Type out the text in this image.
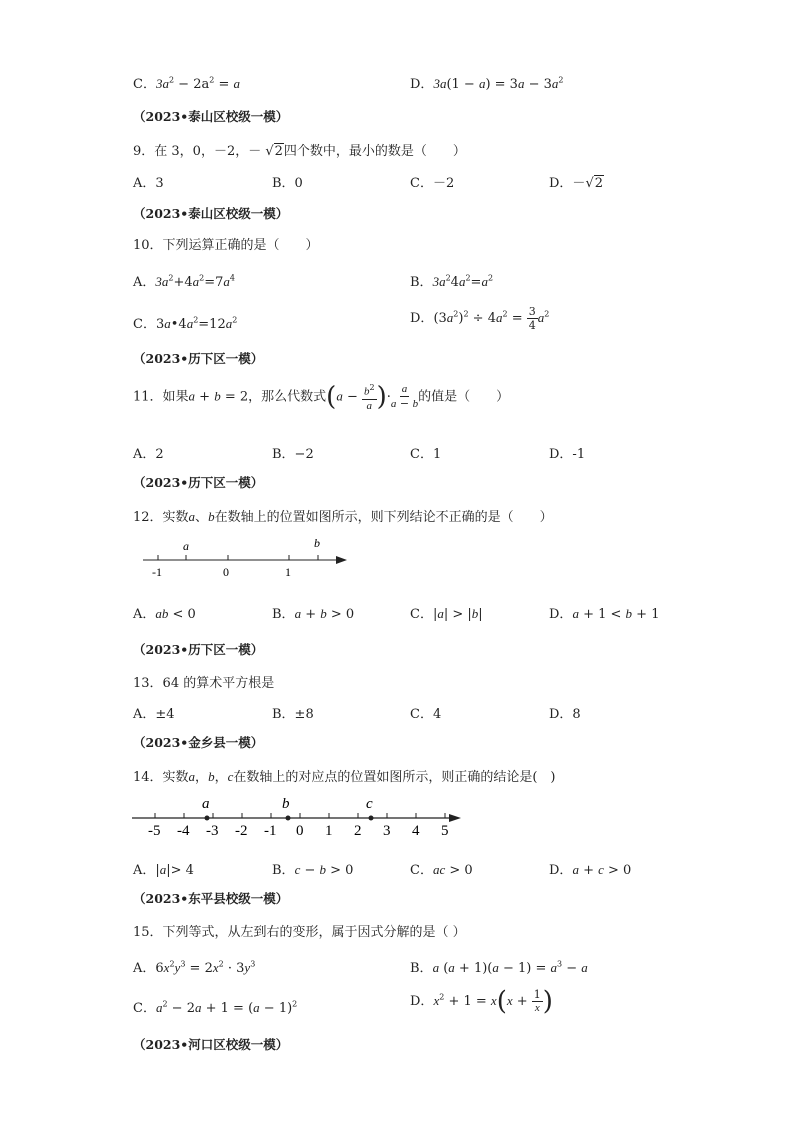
C．$3a^2 - 2a^2 = a$	D．$3a(1 - a) = 3a - 3a^2$
（2023•泰山区校级一模）
9．在 3，0，－2，－ √2四个数中，最小的数是（　　）
A．3	B．0	C．－2	D．－√2
（2023•泰山区校级一模）
10．下列运算正确的是（　　）
A．$3a^2+4a^2=7a^4$	B．$3a^24a^2=a^2$
C．$3a•4a^2=12a^2$	D．$(3a^2)^2 \div 4a^2 = \frac{3}{4} a^2$
（2023•历下区一模）
11．如果a + b = 2，那么代数式($a - \frac{b^2}{a}$ )· $\frac{a}{a - b}$ 的值是（　　）
A．2	B．−2	C．1	D．-1
（2023•历下区一模）
12．实数a、b在数轴上的位置如图所示，则下列结论不正确的是（　　）
-1	0	1
a	b
A．ab < 0	B．a + b > 0	C．|a| > |b|	D．a + 1 < b + 1
（2023•历下区一模）
13．64 的算术平方根是
A．±4	B．±8	C．4	D．8
（2023•金乡县一模）
14．实数a，b，c在数轴上的对应点的位置如图所示，则正确的结论是(　)
-5 -4 -3 -2 -1 0 1 2 3 4 5
a	b	c
A．|a|> 4	B．c − b > 0	C．ac > 0	D．a + c > 0
（2023•东平县校级一模）
15．下列等式，从左到右的变形，属于因式分解的是（ ）
A．$6x^2y^3 = 2x^2 \cdot 3y^3$	B．a $(a + 1)(a - 1) = a^3 - a$
C．$a^2 - 2a + 1 = (a - 1)^2$	D．$x^2 + 1 = x(x + \frac{1}{x}$ )
（2023•河口区校级一模）
